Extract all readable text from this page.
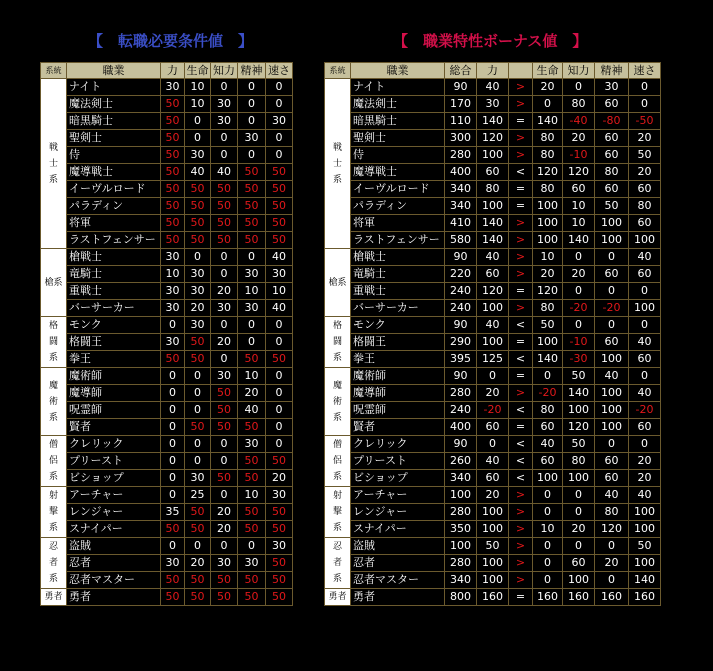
【　転職必要条件値　】	【　職業特性ボーナス値　】
系統	職業	力	生命	知力	精神	速さ
戦
士
系	ナイト	30	10	0	0	0
	魔法剣士	50	10	30	0	0
	暗黒騎士	50	0	30	0	30
	聖剣士	50	0	0	30	0
	侍	50	30	0	0	0
	魔導戦士	50	40	40	50	50
	イーヴルロード	50	50	50	50	50
	パラディン	50	50	50	50	50
	将軍	50	50	50	50	50
	ラストフェンサー	50	50	50	50	50
槍系	槍戦士	30	0	0	0	40
	竜騎士	10	30	0	30	30
	重戦士	30	30	20	10	10
	バーサーカー	30	20	30	30	40
格
闘
系	モンク	0	30	0	0	0
	格闘王	30	50	20	0	0
	拳王	50	50	0	50	50
魔
術
系	魔術師	0	0	30	10	0
	魔導師	0	0	50	20	0
	呪霊師	0	0	50	40	0
	賢者	0	50	50	50	0
僧
侶
系	クレリック	0	0	0	30	0
	プリースト	0	0	0	50	50
	ビショップ	0	30	50	50	20
射
撃
系	アーチャー	0	25	0	10	30
	レンジャー	35	50	20	50	50
	スナイパー	50	50	20	50	50
忍
者
系	盗賊	0	0	0	0	30
	忍者	30	20	30	30	50
	忍者マスター	50	50	50	50	50
勇者	勇者	50	50	50	50	50
系統	職業	総合	力		生命	知力	精神	速さ
戦
士
系	ナイト	90	40	>	20	0	30	0
	魔法剣士	170	30	>	0	80	60	0
	暗黒騎士	110	140	=	140	-40	-80	-50
	聖剣士	300	120	>	80	20	60	20
	侍	280	100	>	80	-10	60	50
	魔導戦士	400	60	<	120	120	80	20
	イーヴルロード	340	80	=	80	60	60	60
	パラディン	340	100	=	100	10	50	80
	将軍	410	140	>	100	10	100	60
	ラストフェンサー	580	140	>	100	140	100	100
槍系	槍戦士	90	40	>	10	0	0	40
	竜騎士	220	60	>	20	20	60	60
	重戦士	240	120	=	120	0	0	0
	バーサーカー	240	100	>	80	-20	-20	100
格
闘
系	モンク	90	40	<	50	0	0	0
	格闘王	290	100	=	100	-10	60	40
	拳王	395	125	<	140	-30	100	60
魔
術
系	魔術師	90	0	=	0	50	40	0
	魔導師	280	20	>	-20	140	100	40
	呪霊師	240	-20	<	80	100	100	-20
	賢者	400	60	=	60	120	100	60
僧
侶
系	クレリック	90	0	<	40	50	0	0
	プリースト	260	40	<	60	80	60	20
	ビショップ	340	60	<	100	100	60	20
射
撃
系	アーチャー	100	20	>	0	0	40	40
	レンジャー	280	100	>	0	0	80	100
	スナイパー	350	100	>	10	20	120	100
忍
者
系	盗賊	100	50	>	0	0	0	50
	忍者	280	100	>	0	60	20	100
	忍者マスター	340	100	>	0	100	0	140
勇者	勇者	800	160	=	160	160	160	160
